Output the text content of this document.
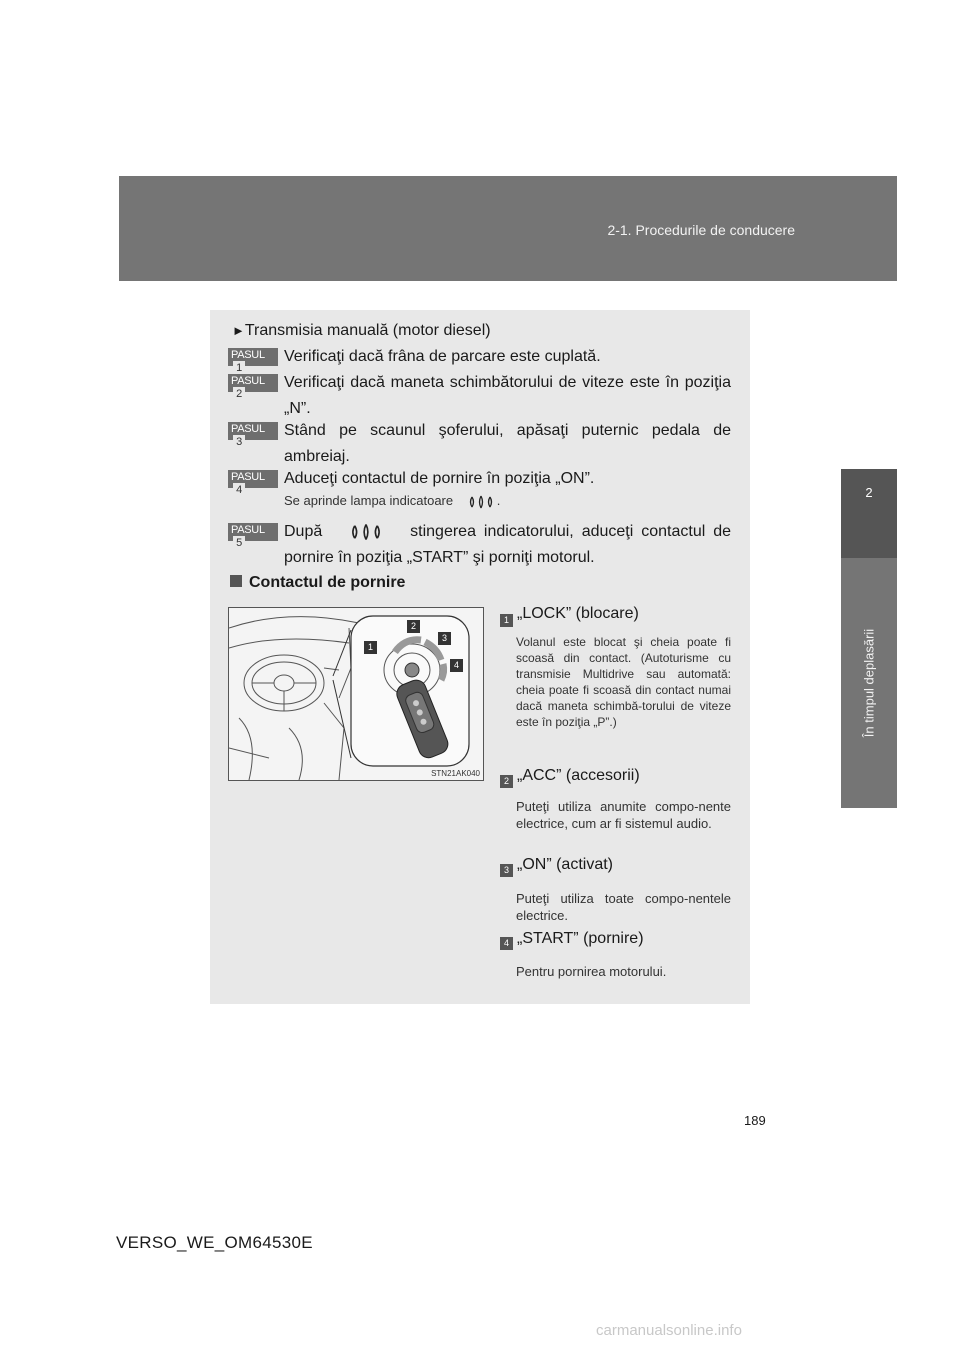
2-1. Procedurile de conducere
2
În timpul deplasării
►Transmisia manuală (motor diesel)
PASUL1
Verificaţi dacă frâna de parcare este cuplată.
PASUL2
Verificaţi dacă maneta schimbătorului de viteze este în poziţia „N”.
PASUL3
Stând pe scaunul şoferului, apăsaţi puternic pedala de ambreiaj.
PASUL4
Aduceţi contactul de pornire în poziţia „ON”.
Se aprinde lampa indicatoare	.
PASUL5
După	stingerea indicatorului, aduceţi contactul de pornire în poziţia „START” şi porniţi motorul.
Contactul de pornire
1
2
3
4
STN21AK040
1 „LOCK” (blocare)
Volanul este blocat şi cheia poate fi scoasă din contact. (Autoturisme cu transmisie Multidrive sau automată: cheia poate fi scoasă din contact numai dacă maneta schimbă-torului de viteze este în poziţia „P”.)
2 „ACC” (accesorii)
Puteţi utiliza anumite compo-nente electrice, cum ar fi sistemul audio.
3 „ON” (activat)
Puteţi utiliza toate compo-nentele electrice.
4 „START” (pornire)
Pentru pornirea motorului.
189
VERSO_WE_OM64530E
carmanualsonline.info
